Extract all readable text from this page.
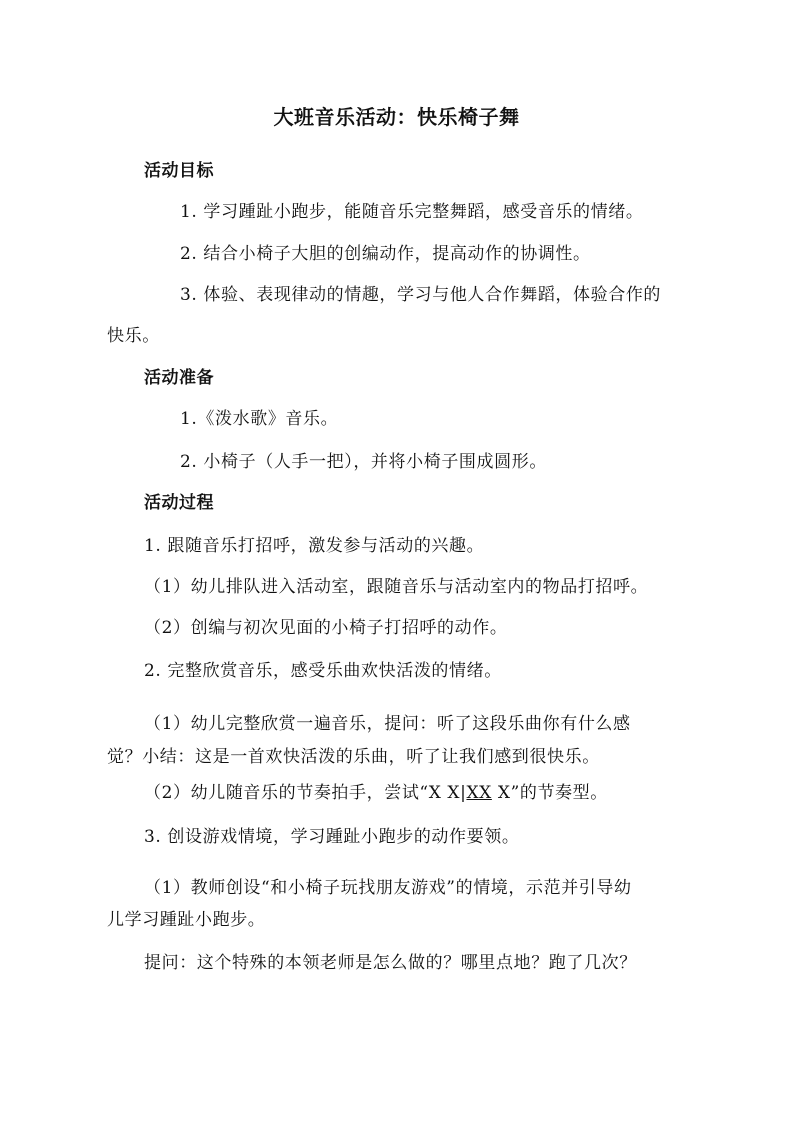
大班音乐活动：快乐椅子舞
活动目标
1. 学习踵趾小跑步，能随音乐完整舞蹈，感受音乐的情绪。
2. 结合小椅子大胆的创编动作，提高动作的协调性。
3. 体验、表现律动的情趣，学习与他人合作舞蹈，体验合作的
快乐。
活动准备
1.《泼水歌》音乐。
2. 小椅子（人手一把），并将小椅子围成圆形。
活动过程
1. 跟随音乐打招呼，激发参与活动的兴趣。
（1）幼儿排队进入活动室，跟随音乐与活动室内的物品打招呼。
（2）创编与初次见面的小椅子打招呼的动作。
2. 完整欣赏音乐，感受乐曲欢快活泼的情绪。
（1）幼儿完整欣赏一遍音乐，提问：听了这段乐曲你有什么感
觉？小结：这是一首欢快活泼的乐曲，听了让我们感到很快乐。
（2）幼儿随音乐的节奏拍手，尝试“X X|XX X”的节奏型。
3. 创设游戏情境，学习踵趾小跑步的动作要领。
（1）教师创设“和小椅子玩找朋友游戏”的情境，示范并引导幼
儿学习踵趾小跑步。
提问：这个特殊的本领老师是怎么做的？哪里点地？跑了几次？
